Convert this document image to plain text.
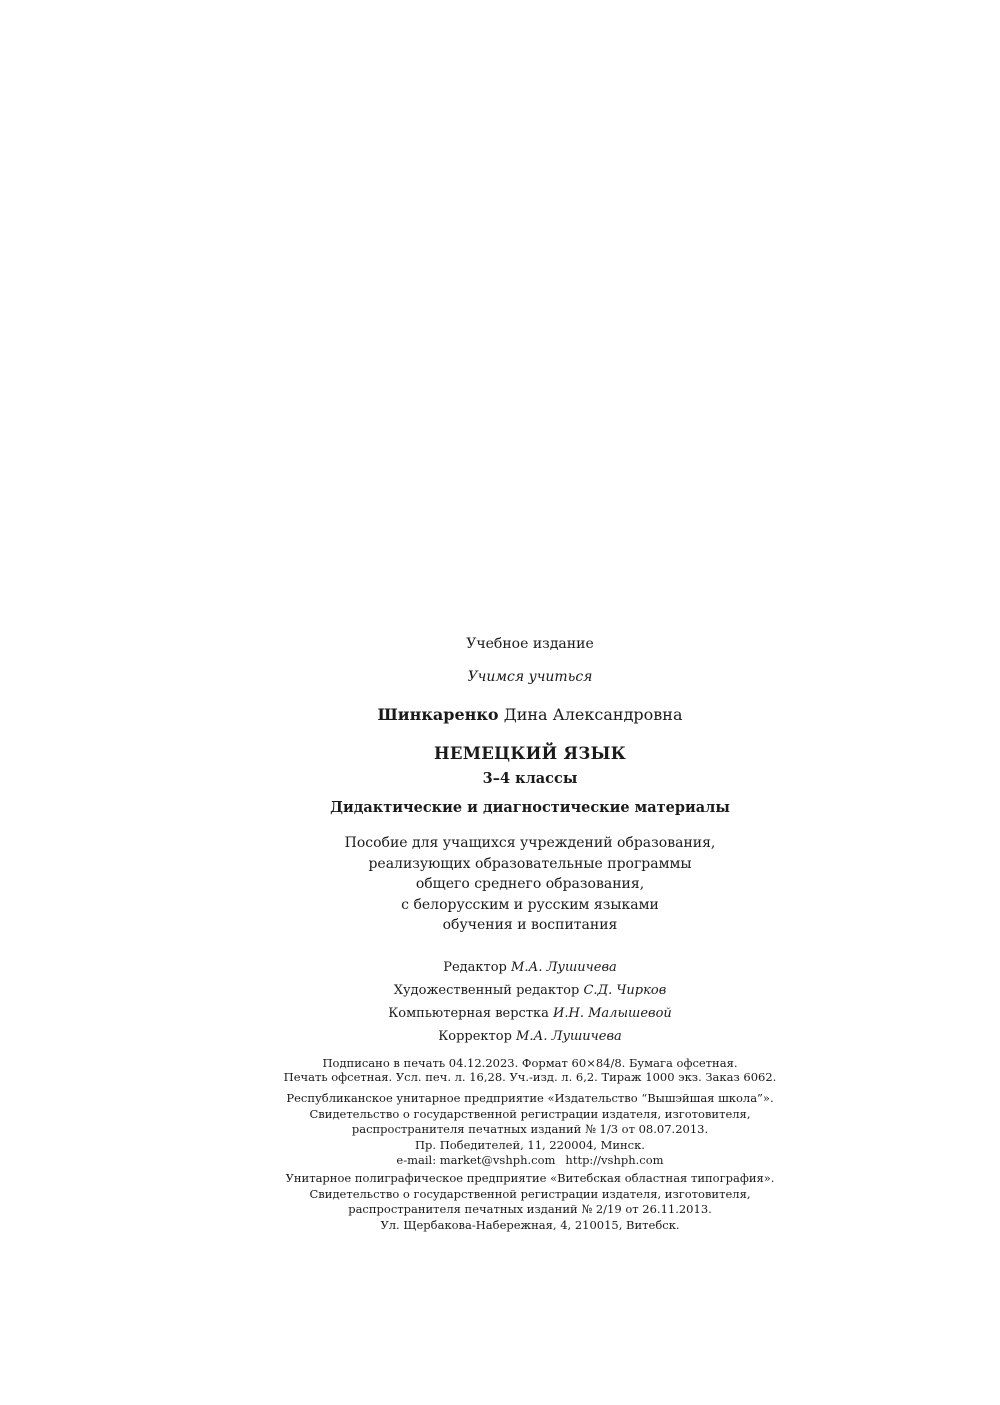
Учебное издание
Учимся учиться
Шинкаренко Дина Александровна
НЕМЕЦКИЙ ЯЗЫК
3–4 классы
Дидактические и диагностические материалы
Пособие для учащихся учреждений образования,
реализующих образовательные программы
общего среднего образования,
с белорусским и русским языками
обучения и воспитания
Редактор М.А. Лушичева
Художественный редактор С.Д. Чирков
Компьютерная верстка И.Н. Малышевой
Корректор М.А. Лушичева
Подписано в печать 04.12.2023. Формат 60×84/8. Бумага офсетная.
Печать офсетная. Усл. печ. л. 16,28. Уч.-изд. л. 6,2. Тираж 1000 экз. Заказ 6062.
Республиканское унитарное предприятие «Издательство “Вышэйшая школа”».
Свидетельство о государственной регистрации издателя, изготовителя,
распространителя печатных изданий № 1/3 от 08.07.2013.
Пр. Победителей, 11, 220004, Минск.
e-mail: market@vshph.com http://vshph.com
Унитарное полиграфическое предприятие «Витебская областная типография».
Свидетельство о государственной регистрации издателя, изготовителя,
распространителя печатных изданий № 2/19 от 26.11.2013.
Ул. Щербакова-Набережная, 4, 210015, Витебск.
